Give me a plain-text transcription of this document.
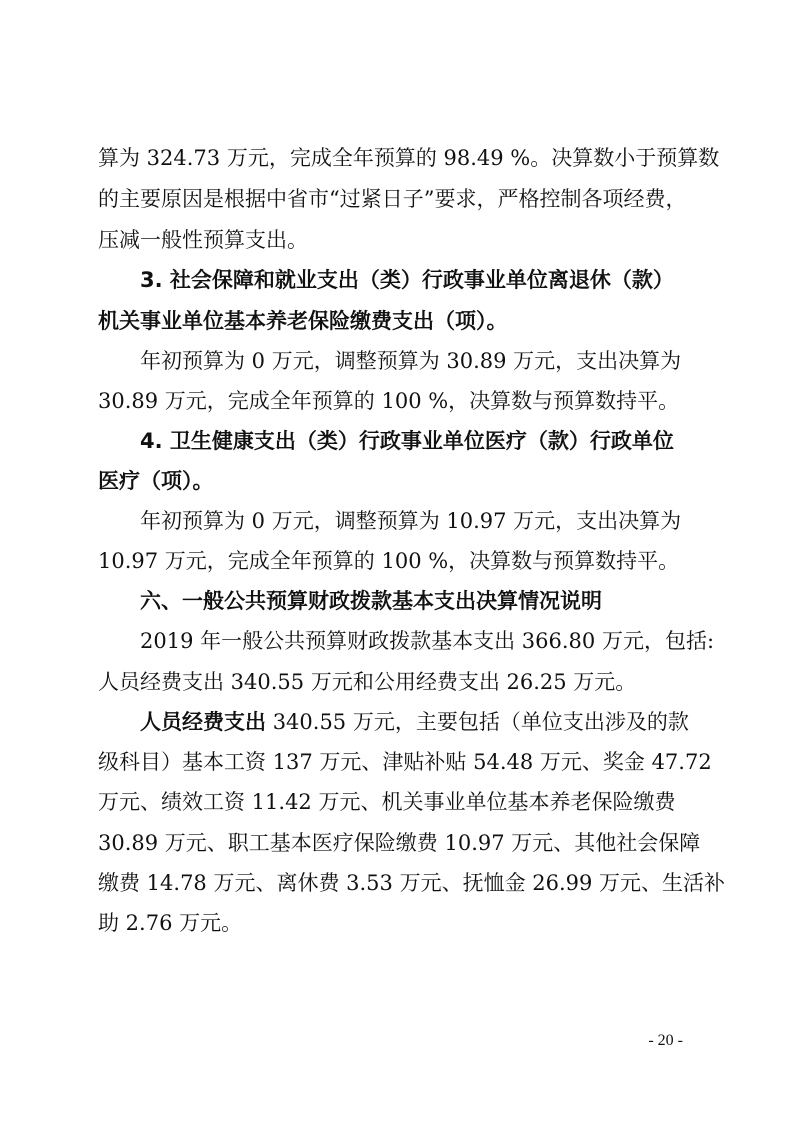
算为 324.73 万元，完成全年预算的 98.49 %。决算数小于预算数
的主要原因是根据中省市“过紧日子”要求，严格控制各项经费，
压减一般性预算支出。
3. 社会保障和就业支出（类）行政事业单位离退休（款）
机关事业单位基本养老保险缴费支出（项）。
年初预算为 0 万元，调整预算为 30.89 万元，支出决算为
30.89 万元，完成全年预算的 100 %，决算数与预算数持平。
4. 卫生健康支出（类）行政事业单位医疗（款）行政单位
医疗（项）。
年初预算为 0 万元，调整预算为 10.97 万元，支出决算为
10.97 万元，完成全年预算的 100 %，决算数与预算数持平。
六、一般公共预算财政拨款基本支出决算情况说明
2019 年一般公共预算财政拨款基本支出 366.80 万元，包括:
人员经费支出 340.55 万元和公用经费支出 26.25 万元。
人员经费支出 340.55 万元，主要包括（单位支出涉及的款
级科目）基本工资 137 万元、津贴补贴 54.48 万元、奖金 47.72
万元、绩效工资 11.42 万元、机关事业单位基本养老保险缴费
30.89 万元、职工基本医疗保险缴费 10.97 万元、其他社会保障
缴费 14.78 万元、离休费 3.53 万元、抚恤金 26.99 万元、生活补
助 2.76 万元。
- 20 -
